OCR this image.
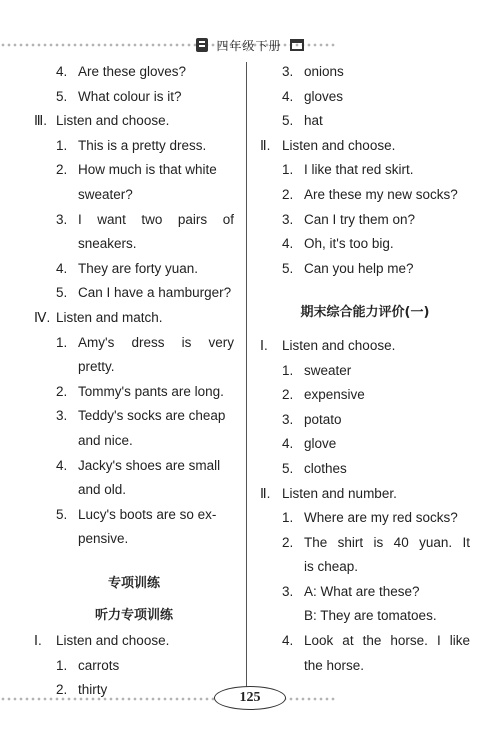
四年级下册
4. Are these gloves?
5. What colour is it?
Ⅲ. Listen and choose.
1. This is a pretty dress.
2. How much is that white
sweater?
3. I want two pairs of
sneakers.
4. They are forty yuan.
5. Can I have a hamburger?
Ⅳ. Listen and match.
1. Amy's dress is very
pretty.
2. Tommy's pants are long.
3. Teddy's socks are cheap
and nice.
4. Jacky's shoes are small
and old.
5. Lucy's boots are so ex-
pensive.
专项训练
听力专项训练
Ⅰ. Listen and choose.
1. carrots
2. thirty
3. onions
4. gloves
5. hat
Ⅱ. Listen and choose.
1. I like that red skirt.
2. Are these my new socks?
3. Can I try them on?
4. Oh, it's too big.
5. Can you help me?
期末综合能力评价(一)
Ⅰ. Listen and choose.
1. sweater
2. expensive
3. potato
4. glove
5. clothes
Ⅱ. Listen and number.
1. Where are my red socks?
2. The shirt is 40 yuan. It
is cheap.
3. A: What are these?
B: They are tomatoes.
4. Look at the horse. I like
the horse.
125
